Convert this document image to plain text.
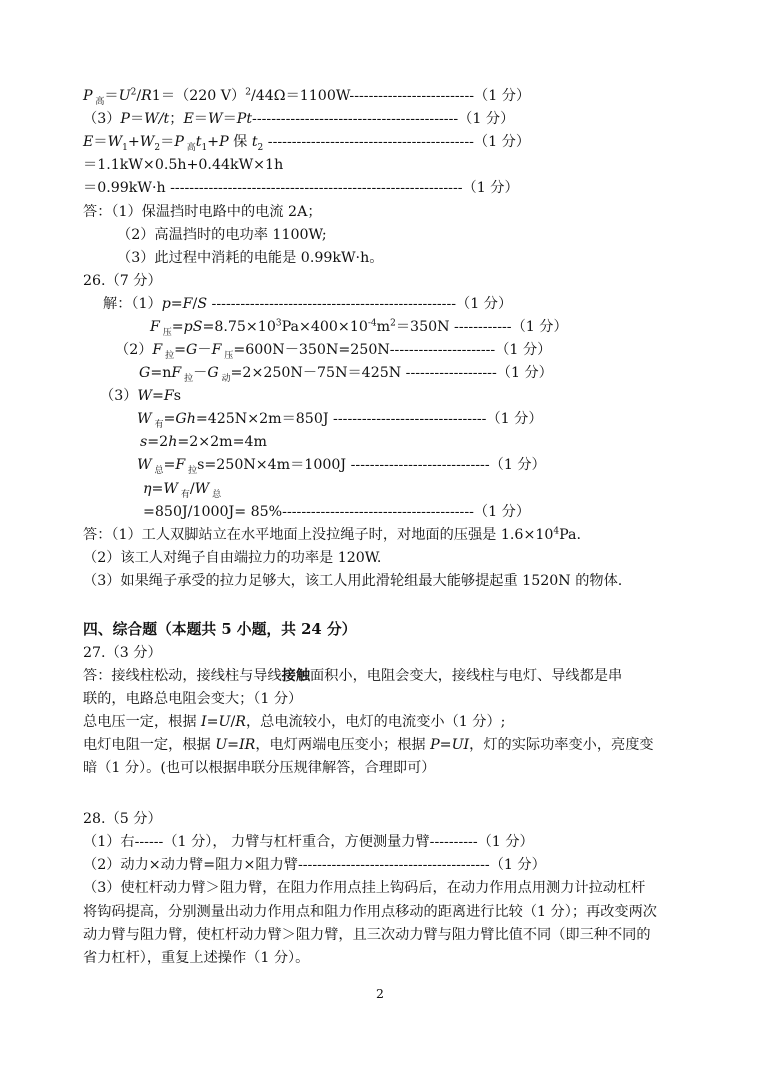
P $_高=U^2/R1=(220$ V）$^2$/44Ω＝1100W--------------------------（1 分）
（3）P＝W/t；E＝W＝Pt-------------------------------------------（1 分）
$E=W_1+W_2=P$ $_高t_1+P$ 保 $t_2$ -------------------------------------------（1 分）
＝1.1kW×0.5h+0.44kW×1h
＝0.99kW·h -------------------------------------------------------------（1 分）
答：（1）保温挡时电路中的电流 2A；
（2）高温挡时的电功率 1100W;
（3）此过程中消耗的电能是 0.99kW·h。
26.（7 分）
解：（1）p=F/S ---------------------------------------------------（1 分）
F $_压=pS=8.75\times 10^3Pa\times 400\times 10^{-4}m^2=350N$ ------------（1 分）
（2）F $_拉$=G－F $_压$=600N－350N=250N----------------------（1 分）
G=nF $_拉$－G $_动$=2×250N－75N＝425N -------------------（1 分）
（3）W=Fs
W $_有$=Gh=425N×2m＝850J --------------------------------（1 分）
s=2h=2×2m=4m
W $_总$=F $_拉$s=250N×4m＝1000J -----------------------------（1 分）
η=W $_有$/W $_总$
=850J/1000J= 85%----------------------------------------（1 分）
答：（1）工人双脚站立在水平地面上没拉绳子时，对地面的压强是 $1.6\times 10^4Pa$.
（2）该工人对绳子自由端拉力的功率是 120W.
（3）如果绳子承受的拉力足够大，该工人用此滑轮组最大能够提起重 1520N 的物体.
四、综合题（本题共 5 小题，共 24 分）
27.（3 分）
答：接线柱松动，接线柱与导线接触面积小，电阻会变大，接线柱与电灯、导线都是串
联的，电路总电阻会变大；（1 分）
总电压一定，根据 I=U/R，总电流较小，电灯的电流变小（1 分）;
电灯电阻一定，根据 U=IR，电灯两端电压变小；根据 P=UI，灯的实际功率变小，亮度变
暗（1 分）。(也可以根据串联分压规律解答，合理即可）
28.（5 分）
（1）右------（1 分）， 力臂与杠杆重合，方便测量力臂----------（1 分）
（2）动力×动力臂=阻力×阻力臂----------------------------------------（1 分）
（3）使杠杆动力臂＞阻力臂，在阻力作用点挂上钩码后，在动力作用点用测力计拉动杠杆
将钩码提高，分别测量出动力作用点和阻力作用点移动的距离进行比较（1 分）；再改变两次
动力臂与阻力臂，使杠杆动力臂＞阻力臂，且三次动力臂与阻力臂比值不同（即三种不同的
省力杠杆），重复上述操作（1 分）。
2
